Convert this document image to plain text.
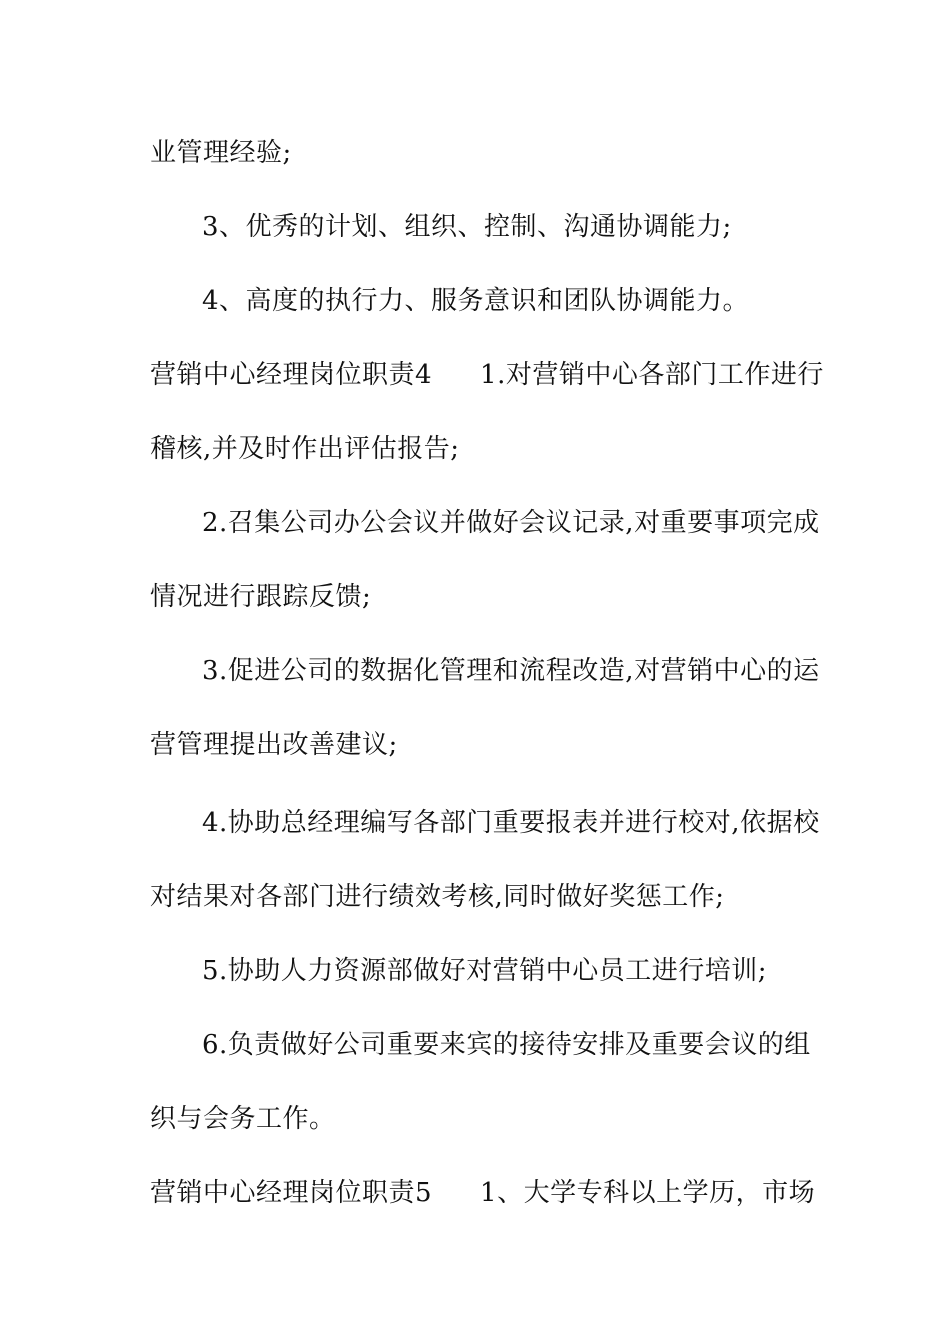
业管理经验;
3、优秀的计划、组织、控制、沟通协调能力;
4、高度的执行力、服务意识和团队协调能力。
营销中心经理岗位职责4 1.对营销中心各部门工作进行
稽核,并及时作出评估报告;
2.召集公司办公会议并做好会议记录,对重要事项完成
情况进行跟踪反馈;
3.促进公司的数据化管理和流程改造,对营销中心的运
营管理提出改善建议;
4.协助总经理编写各部门重要报表并进行校对,依据校
对结果对各部门进行绩效考核,同时做好奖惩工作;
5.协助人力资源部做好对营销中心员工进行培训;
6.负责做好公司重要来宾的接待安排及重要会议的组
织与会务工作。
营销中心经理岗位职责5 1、大学专科以上学历，市场
